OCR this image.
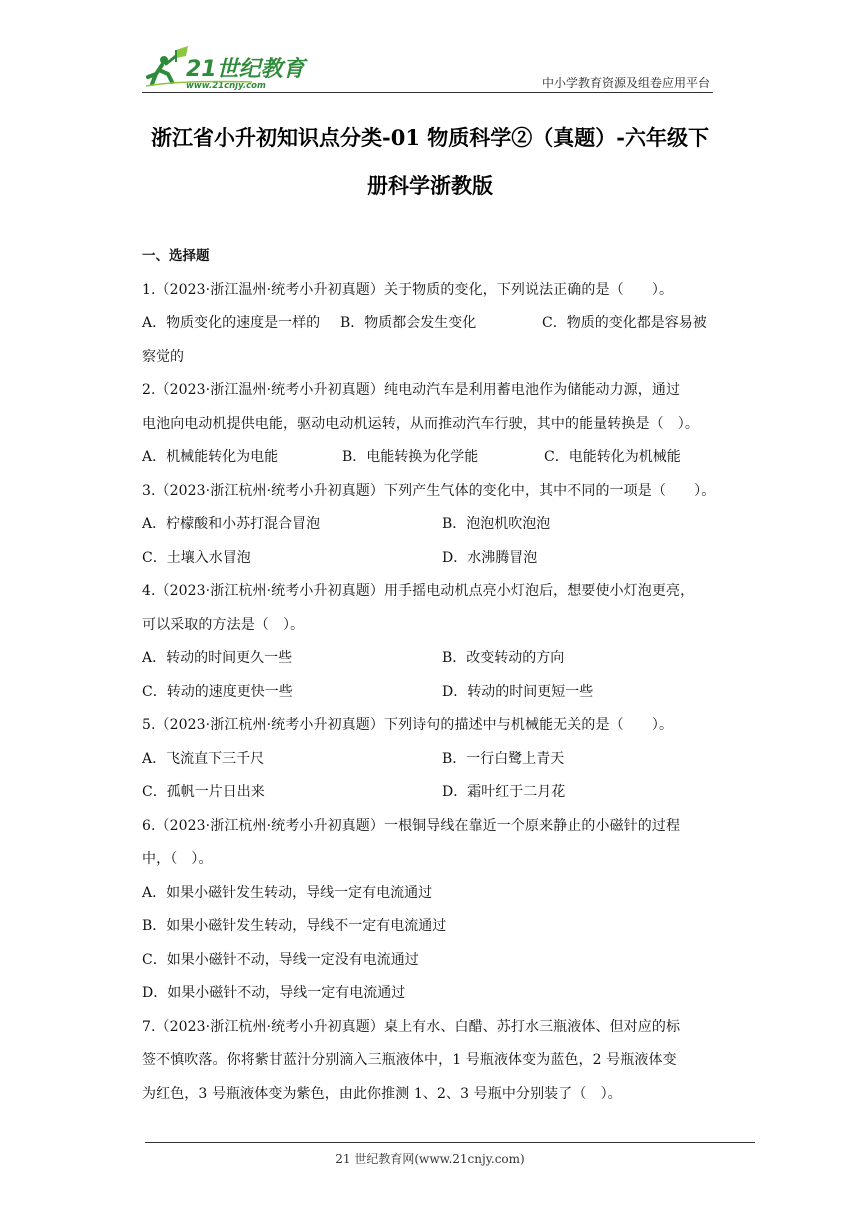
21世纪教育
www.21cnjy.com	中小学教育资源及组卷应用平台
浙江省小升初知识点分类-01 物质科学②（真题）-六年级下
册科学浙教版
一、选择题
1.（2023·浙江温州·统考小升初真题）关于物质的变化，下列说法正确的是（　　）。
A．物质变化的速度是一样的 B．物质都会发生变化	C．物质的变化都是容易被
察觉的
2.（2023·浙江温州·统考小升初真题）纯电动汽车是利用蓄电池作为储能动力源，通过
电池向电动机提供电能，驱动电动机运转，从而推动汽车行驶，其中的能量转换是（　）。
A．机械能转化为电能	B．电能转换为化学能	C．电能转化为机械能
3.（2023·浙江杭州·统考小升初真题）下列产生气体的变化中，其中不同的一项是（　　）。
A．柠檬酸和小苏打混合冒泡	B．泡泡机吹泡泡
C．土壤入水冒泡	D．水沸腾冒泡
4.（2023·浙江杭州·统考小升初真题）用手摇电动机点亮小灯泡后，想要使小灯泡更亮，
可以采取的方法是（　）。
A．转动的时间更久一些	B．改变转动的方向
C．转动的速度更快一些	D．转动的时间更短一些
5.（2023·浙江杭州·统考小升初真题）下列诗句的描述中与机械能无关的是（　　）。
A．飞流直下三千尺	B．一行白鹭上青天
C．孤帆一片日出来	D．霜叶红于二月花
6.（2023·浙江杭州·统考小升初真题）一根铜导线在靠近一个原来静止的小磁针的过程
中，（　）。
A．如果小磁针发生转动，导线一定有电流通过
B．如果小磁针发生转动，导线不一定有电流通过
C．如果小磁针不动，导线一定没有电流通过
D．如果小磁针不动，导线一定有电流通过
7.（2023·浙江杭州·统考小升初真题）桌上有水、白醋、苏打水三瓶液体、但对应的标
签不慎吹落。你将紫甘蓝汁分别滴入三瓶液体中，1 号瓶液体变为蓝色，2 号瓶液体变
为红色，3 号瓶液体变为紫色，由此你推测 1、2、3 号瓶中分别装了（　）。
21 世纪教育网(www.21cnjy.com)
